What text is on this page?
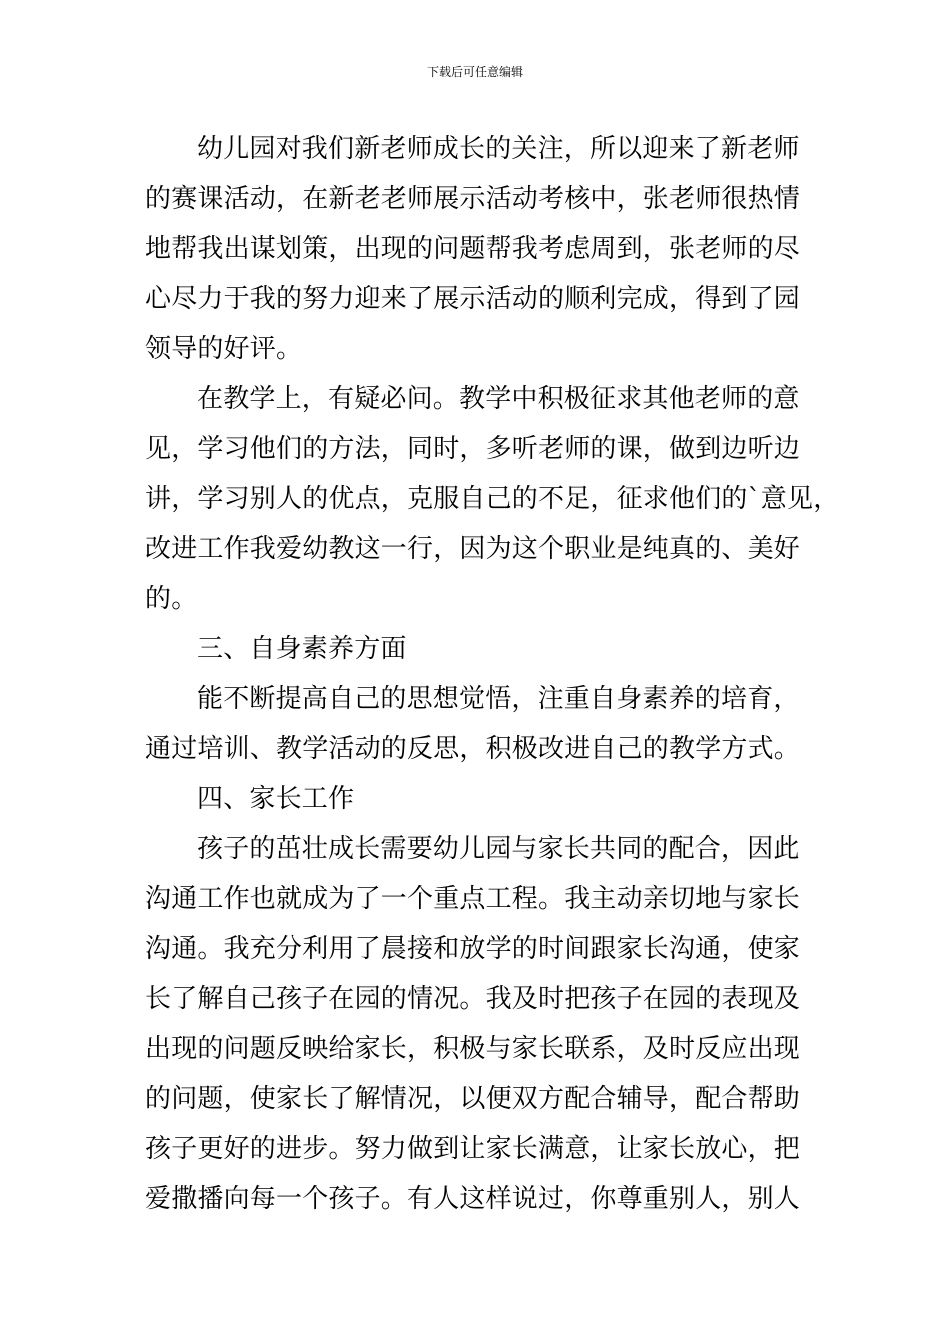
下载后可任意编辑
幼儿园对我们新老师成长的关注，所以迎来了新老师
的赛课活动，在新老老师展示活动考核中，张老师很热情
地帮我出谋划策，出现的问题帮我考虑周到，张老师的尽
心尽力于我的努力迎来了展示活动的顺利完成，得到了园
领导的好评。
在教学上，有疑必问。教学中积极征求其他老师的意
见，学习他们的方法，同时，多听老师的课，做到边听边
讲，学习别人的优点，克服自己的不足，征求他们的`意见，
改进工作我爱幼教这一行，因为这个职业是纯真的、美好
的。
三、自身素养方面
能不断提高自己的思想觉悟，注重自身素养的培育，
通过培训、教学活动的反思，积极改进自己的教学方式。
四、家长工作
孩子的茁壮成长需要幼儿园与家长共同的配合，因此
沟通工作也就成为了一个重点工程。我主动亲切地与家长
沟通。我充分利用了晨接和放学的时间跟家长沟通，使家
长了解自己孩子在园的情况。我及时把孩子在园的表现及
出现的问题反映给家长，积极与家长联系，及时反应出现
的问题，使家长了解情况，以便双方配合辅导，配合帮助
孩子更好的进步。努力做到让家长满意，让家长放心，把
爱撒播向每一个孩子。有人这样说过，你尊重别人，别人
